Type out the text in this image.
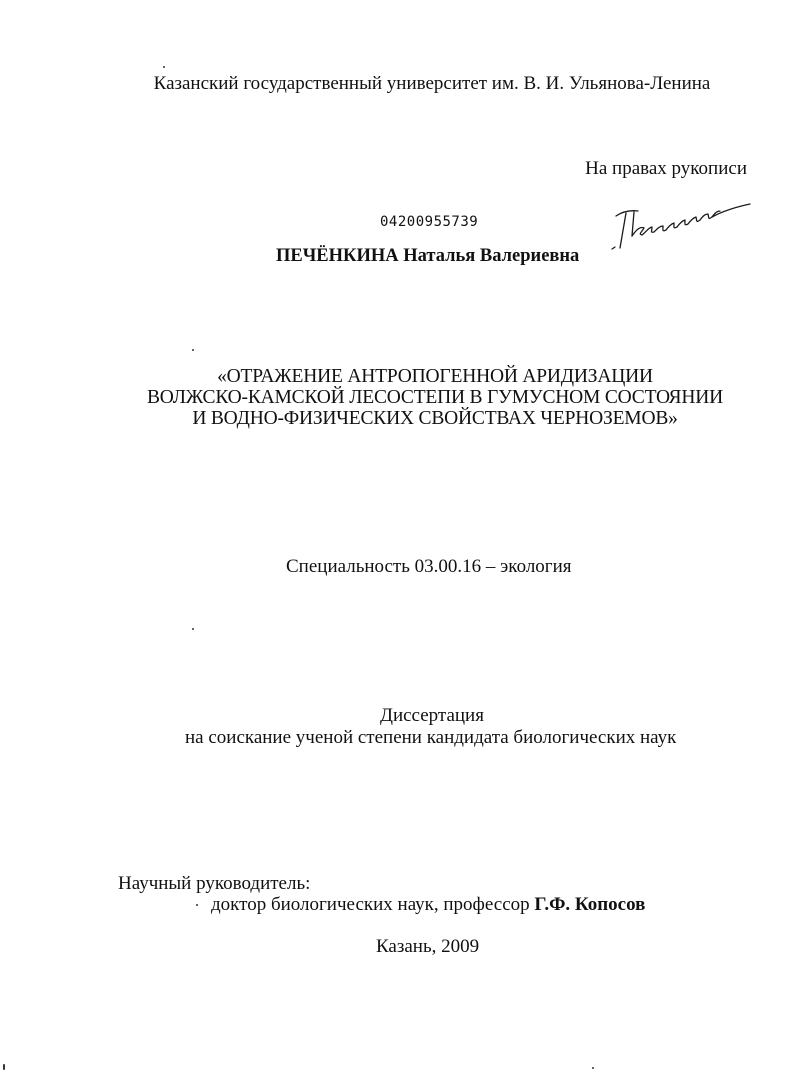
Казанский государственный университет им. В. И. Ульянова-Ленина
На правах рукописи
04200955739
ПЕЧЁНКИНА Наталья Валериевна
«ОТРАЖЕНИЕ АНТРОПОГЕННОЙ АРИДИЗАЦИИ
ВОЛЖСКО-КАМСКОЙ ЛЕСОСТЕПИ В ГУМУСНОМ СОСТОЯНИИ
И ВОДНО-ФИЗИЧЕСКИХ СВОЙСТВАХ ЧЕРНОЗЕМОВ»
Специальность 03.00.16 – экология
Диссертация
на соискание ученой степени кандидата биологических наук
Научный руководитель:
доктор биологических наук, профессор Г.Ф. Копосов
Казань, 2009
